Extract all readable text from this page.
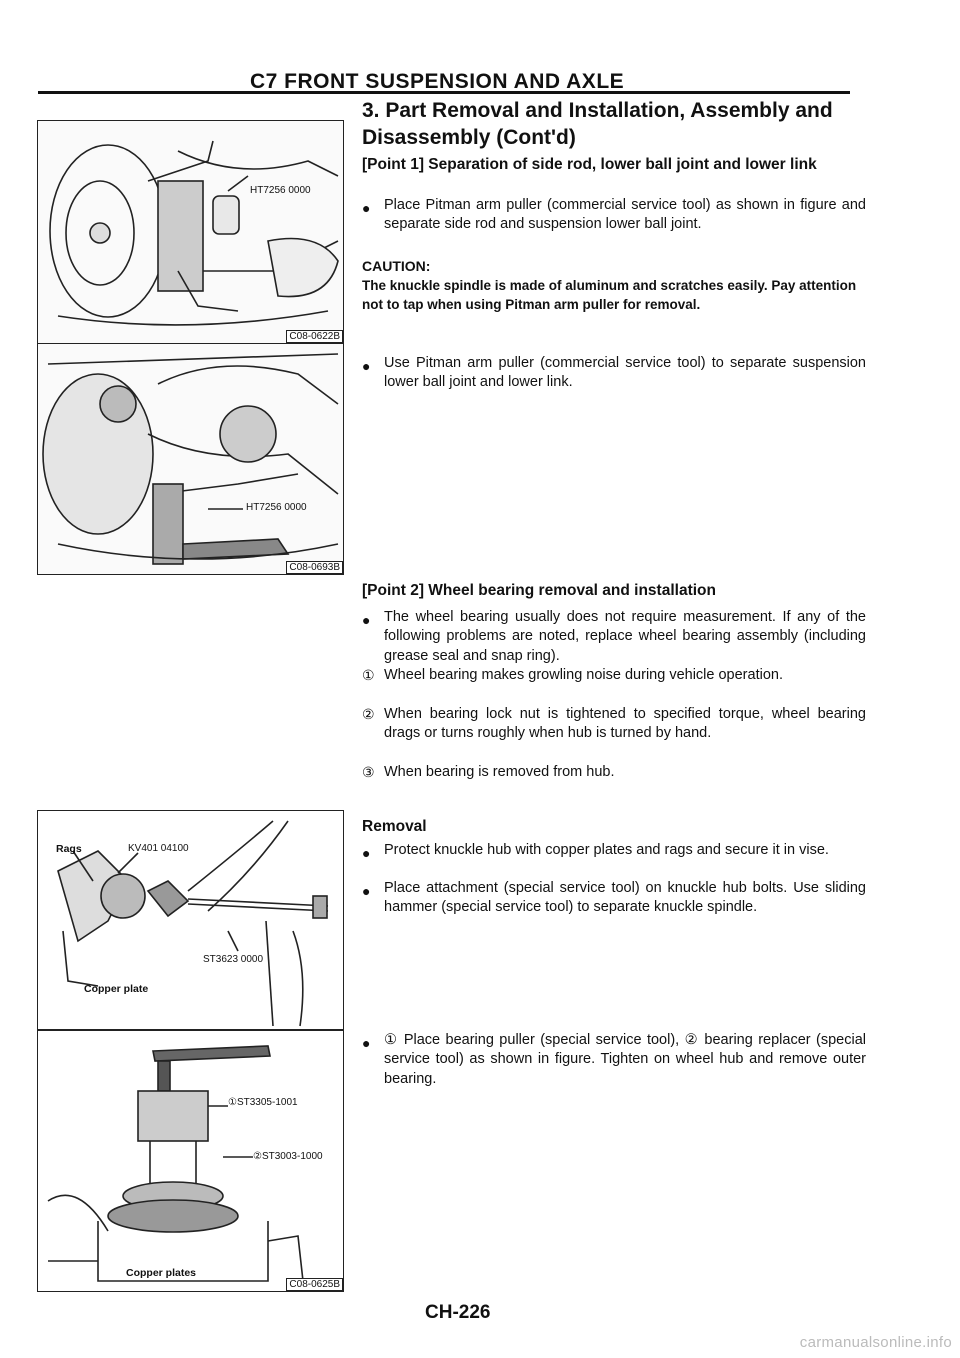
C7 FRONT SUSPENSION AND AXLE
3. Part Removal and Installation, Assembly and Disassembly (Cont'd)
[Point 1] Separation of side rod, lower ball joint and lower link
● Place Pitman arm puller (commercial service tool) as shown in figure and separate side rod and suspension lower ball joint.
CAUTION:
The knuckle spindle is made of aluminum and scratches easily. Pay attention not to tap when using Pitman arm puller for removal.
● Use Pitman arm puller (commercial service tool) to separate suspension lower ball joint and lower link.
[Point 2] Wheel bearing removal and installation
● The wheel bearing usually does not require measurement. If any of the following problems are noted, replace wheel bearing assembly (including grease seal and snap ring).
① Wheel bearing makes growling noise during vehicle operation.
② When bearing lock nut is tightened to specified torque, wheel bearing drags or turns roughly when hub is turned by hand.
③ When bearing is removed from hub.
Removal
● Protect knuckle hub with copper plates and rags and secure it in vise.
● Place attachment (special service tool) on knuckle hub bolts. Use sliding hammer (special service tool) to separate knuckle spindle.
● ① Place bearing puller (special service tool), ② bearing replacer (special service tool) as shown in figure. Tighten on wheel hub and remove outer bearing.
HT7256 0000
C08-0622B
HT7256 0000
C08-0693B
Rags	KV401 04100
ST3623 0000
Copper plate
①ST3305-1001
②ST3003-1000
Copper plates
C08-0625B
CH-226
carmanualsonline.info
